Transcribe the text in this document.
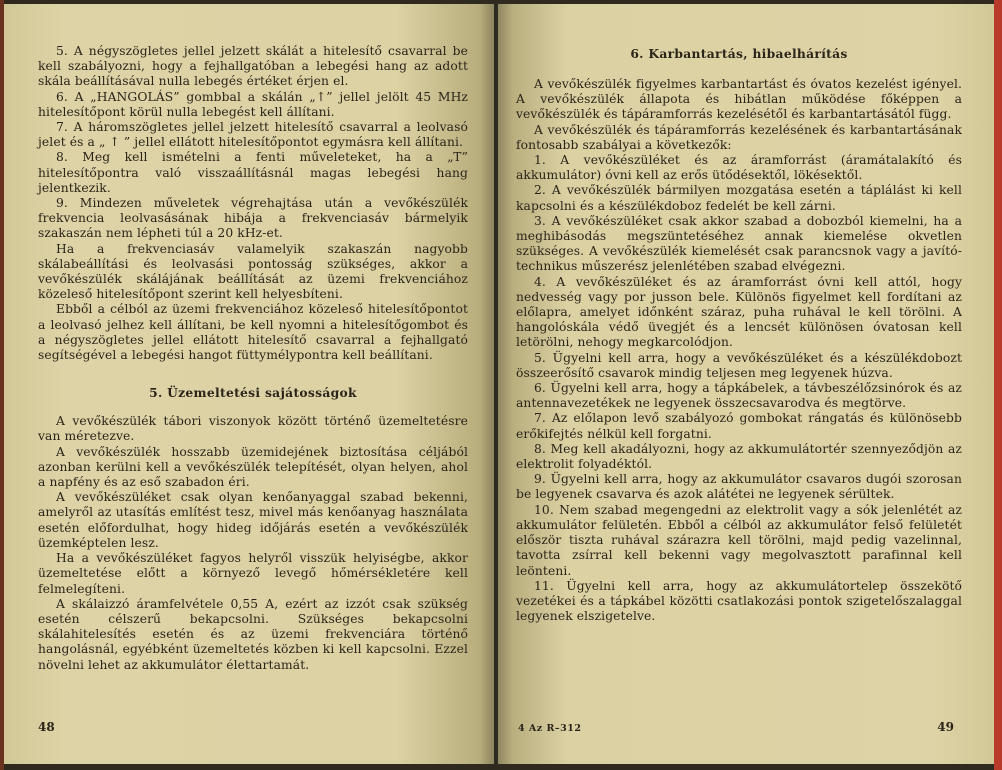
5. A négyszögletes jellel jelzett skálát a hitelesítő csavarral be kell szabályozni, hogy a fejhallgatóban a lebegési hang az adott skála beállításával nulla lebegés értéket érjen el.

6. A „HANGOLÁS” gombbal a skálán „↑” jellel jelölt 45 MHz hitelesítőpont körül nulla lebegést kell állítani.

7. A háromszögletes jellel jelzett hitelesítő csavarral a leolvasó jelet és a „ ↑ ” jellel ellátott hitelesítőpontot egymásra kell állítani.

8. Meg kell ismételni a fenti műveleteket, ha a „T” hitelesítőpontra való visszaállításnál magas lebegési hang jelentkezik.

9. Mindezen műveletek végrehajtása után a vevőkészülék frekvencia leolvasásának hibája a frekvenciasáv bármelyik szakaszán nem lépheti túl a 20 kHz-et.

Ha a frekvenciasáv valamelyik szakaszán nagyobb skálabeállítási és leolvasási pontosság szükséges, akkor a vevőkészülék skálájának beállítását az üzemi frekvenciához közeleső hitelesítőpont szerint kell helyesbíteni.

Ebből a célból az üzemi frekvenciához közeleső hitelesítőpontot a leolvasó jelhez kell állítani, be kell nyomni a hitelesítőgombot és a négyszögletes jellel ellátott hitelesítő csavarral a fejhallgató segítségével a lebegési hangot füttymélypontra kell beállítani.

5. Üzemeltetési sajátosságok

A vevőkészülék tábori viszonyok között történő üzemeltetésre van méretezve.

A vevőkészülék hosszabb üzemidejének biztosítása céljából azonban kerülni kell a vevőkészülék telepítését, olyan helyen, ahol a napfény és az eső szabadon éri.

A vevőkészüléket csak olyan kenőanyaggal szabad bekenni, amelyről az utasítás említést tesz, mivel más kenőanyag használata esetén előfordulhat, hogy hideg időjárás esetén a vevőkészülék üzemképtelen lesz.

Ha a vevőkészüléket fagyos helyről visszük helyiségbe, akkor üzemeltetése előtt a környező levegő hőmérsékletére kell felmelegíteni.

A skálaizzó áramfelvétele 0,55 A, ezért az izzót csak szükség esetén célszerű bekapcsolni. Szükséges bekapcsolni skálahitelesítés esetén és az üzemi frekvenciára történő hangolásnál, egyébként üzemeltetés közben ki kell kapcsolni. Ezzel növelni lehet az akkumulátor élettartamát.

48
6. Karbantartás, hibaelhárítás

A vevőkészülék figyelmes karbantartást és óvatos kezelést igényel. A vevőkészülék állapota és hibátlan működése főképpen a vevőkészülék és tápáramforrás kezelésétől és karbantartásától függ.

A vevőkészülék és tápáramforrás kezelésének és karbantartásának fontosabb szabályai a következők:

1. A vevőkészüléket és az áramforrást (áramátalakító és akkumulátor) óvni kell az erős ütődésektől, lökésektől.

2. A vevőkészülék bármilyen mozgatása esetén a táplálást ki kell kapcsolni és a készülékdoboz fedelét be kell zárni.

3. A vevőkészüléket csak akkor szabad a dobozból kiemelni, ha a meghibásodás megszüntetéséhez annak kiemelése okvetlen szükséges. A vevőkészülék kiemelését csak parancsnok vagy a javító-technikus műszerész jelenlétében szabad elvégezni.

4. A vevőkészüléket és az áramforrást óvni kell attól, hogy nedvesség vagy por jusson bele. Különös figyelmet kell fordítani az előlapra, amelyet időnként száraz, puha ruhával le kell törölni. A hangolóskála védő üvegjét és a lencsét különösen óvatosan kell letörölni, nehogy megkarcolódjon.

5. Ügyelni kell arra, hogy a vevőkészüléket és a készülékdobozt összeerősítő csavarok mindig teljesen meg legyenek húzva.

6. Ügyelni kell arra, hogy a tápkábelek, a távbeszélőzsinórok és az antennavezetékek ne legyenek összecsavarodva és megtörve.

7. Az előlapon levő szabályozó gombokat rángatás és különösebb erőkifejtés nélkül kell forgatni.

8. Meg kell akadályozni, hogy az akkumulátortér szennyeződjön az elektrolit folyadéktól.

9. Ügyelni kell arra, hogy az akkumulátor csavaros dugói szorosan be legyenek csavarva és azok alátétei ne legyenek sérültek.

10. Nem szabad megengedni az elektrolit vagy a sók jelenlétét az akkumulátor felületén. Ebből a célból az akkumulátor felső felületét először tiszta ruhával szárazra kell törölni, majd pedig vazelinnal, tavotta zsírral kell bekenni vagy megolvasztott parafinnal kell leönteni.

11. Ügyelni kell arra, hogy az akkumulátortelep összekötő vezetékei és a tápkábel közötti csatlakozási pontok szigetelőszalaggal legyenek elszigetelve.

4 Az R–312	49
